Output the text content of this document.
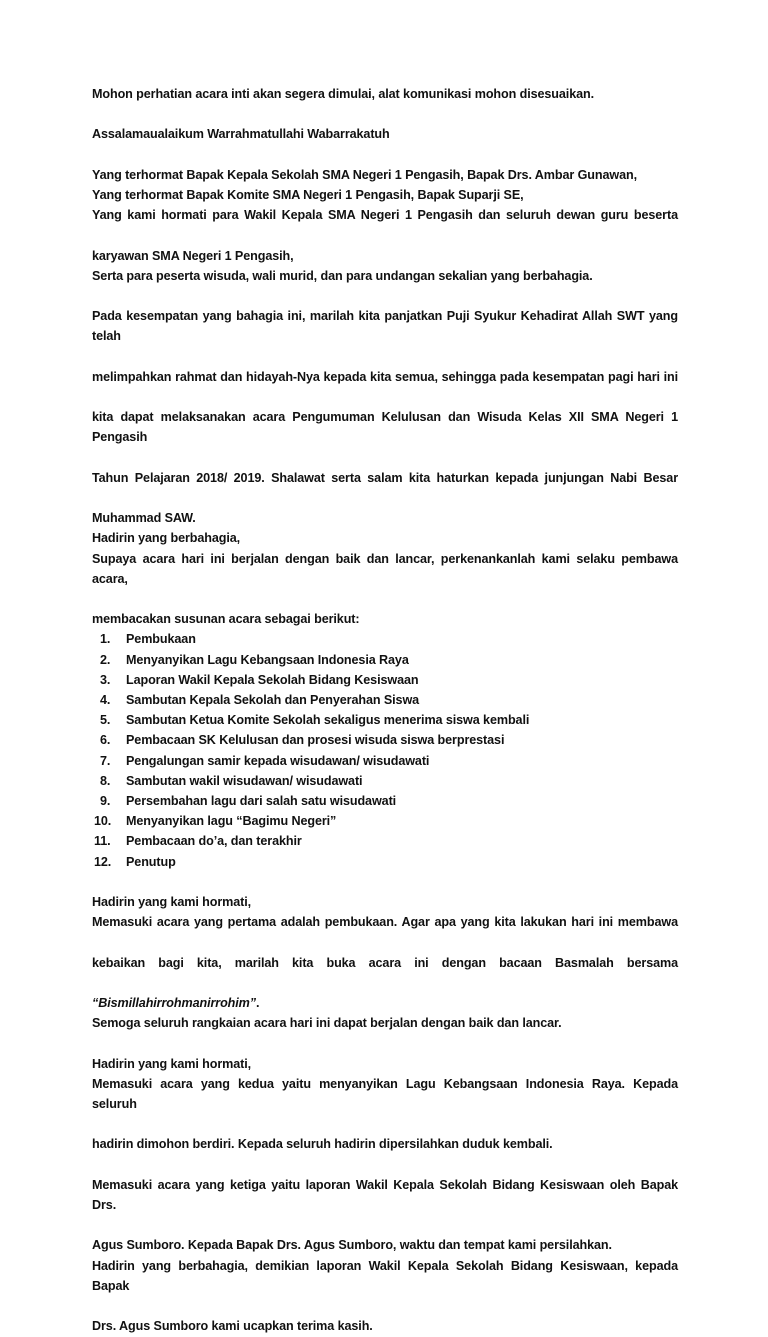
Mohon perhatian acara inti akan segera dimulai, alat komunikasi mohon disesuaikan.

Assalamaualaikum Warrahmatullahi Wabarrakatuh

Yang terhormat Bapak Kepala Sekolah SMA Negeri 1 Pengasih, Bapak Drs. Ambar Gunawan,
Yang terhormat Bapak Komite SMA Negeri 1 Pengasih, Bapak Suparji SE,
Yang kami hormati para Wakil Kepala SMA Negeri 1 Pengasih dan seluruh dewan guru beserta
karyawan SMA Negeri 1 Pengasih,
Serta para peserta wisuda, wali murid, dan para undangan sekalian yang berbahagia.
Pada kesempatan yang bahagia ini, marilah kita panjatkan Puji Syukur Kehadirat Allah SWT yang telah
melimpahkan rahmat dan hidayah-Nya kepada kita semua, sehingga pada kesempatan pagi hari ini
kita dapat melaksanakan acara Pengumuman Kelulusan dan Wisuda Kelas XII SMA Negeri 1 Pengasih
Tahun Pelajaran 2018/ 2019. Shalawat serta salam kita haturkan kepada junjungan Nabi Besar
Muhammad SAW.

Hadirin yang berbahagia,

Supaya acara hari ini berjalan dengan baik dan lancar, perkenankanlah kami selaku pembawa acara,
membacakan susunan acara sebagai berikut:
1.	Pembukaan
2.	Menyanyikan Lagu Kebangsaan Indonesia Raya
3.	Laporan Wakil Kepala Sekolah Bidang Kesiswaan
4.	Sambutan Kepala Sekolah dan Penyerahan Siswa
5.	Sambutan Ketua Komite Sekolah sekaligus menerima siswa kembali
6.	Pembacaan SK Kelulusan dan prosesi wisuda siswa berprestasi
7.	Pengalungan samir kepada wisudawan/ wisudawati
8.	Sambutan wakil wisudawan/ wisudawati
9.	Persembahan lagu dari salah satu wisudawati
10.	Menyanyikan lagu “Bagimu Negeri”
11.	Pembacaan do’a, dan terakhir
12.	Penutup

Hadirin yang kami hormati,

Memasuki acara yang pertama adalah pembukaan. Agar apa yang kita lakukan hari ini membawa
kebaikan bagi kita, marilah kita buka acara ini dengan bacaan Basmalah bersama
“Bismillahirrohmanirrohim”.

Semoga seluruh rangkaian acara hari ini dapat berjalan dengan baik dan lancar.

Hadirin yang kami hormati,

Memasuki acara yang kedua yaitu menyanyikan Lagu Kebangsaan Indonesia Raya. Kepada seluruh
hadirin dimohon berdiri. Kepada seluruh hadirin dipersilahkan duduk kembali.
Memasuki acara yang ketiga yaitu laporan Wakil Kepala Sekolah Bidang Kesiswaan oleh Bapak Drs.
Agus Sumboro. Kepada Bapak Drs. Agus Sumboro, waktu dan tempat kami persilahkan.
Hadirin yang berbahagia, demikian laporan Wakil Kepala Sekolah Bidang Kesiswaan, kepada Bapak
Drs. Agus Sumboro kami ucapkan terima kasih.
